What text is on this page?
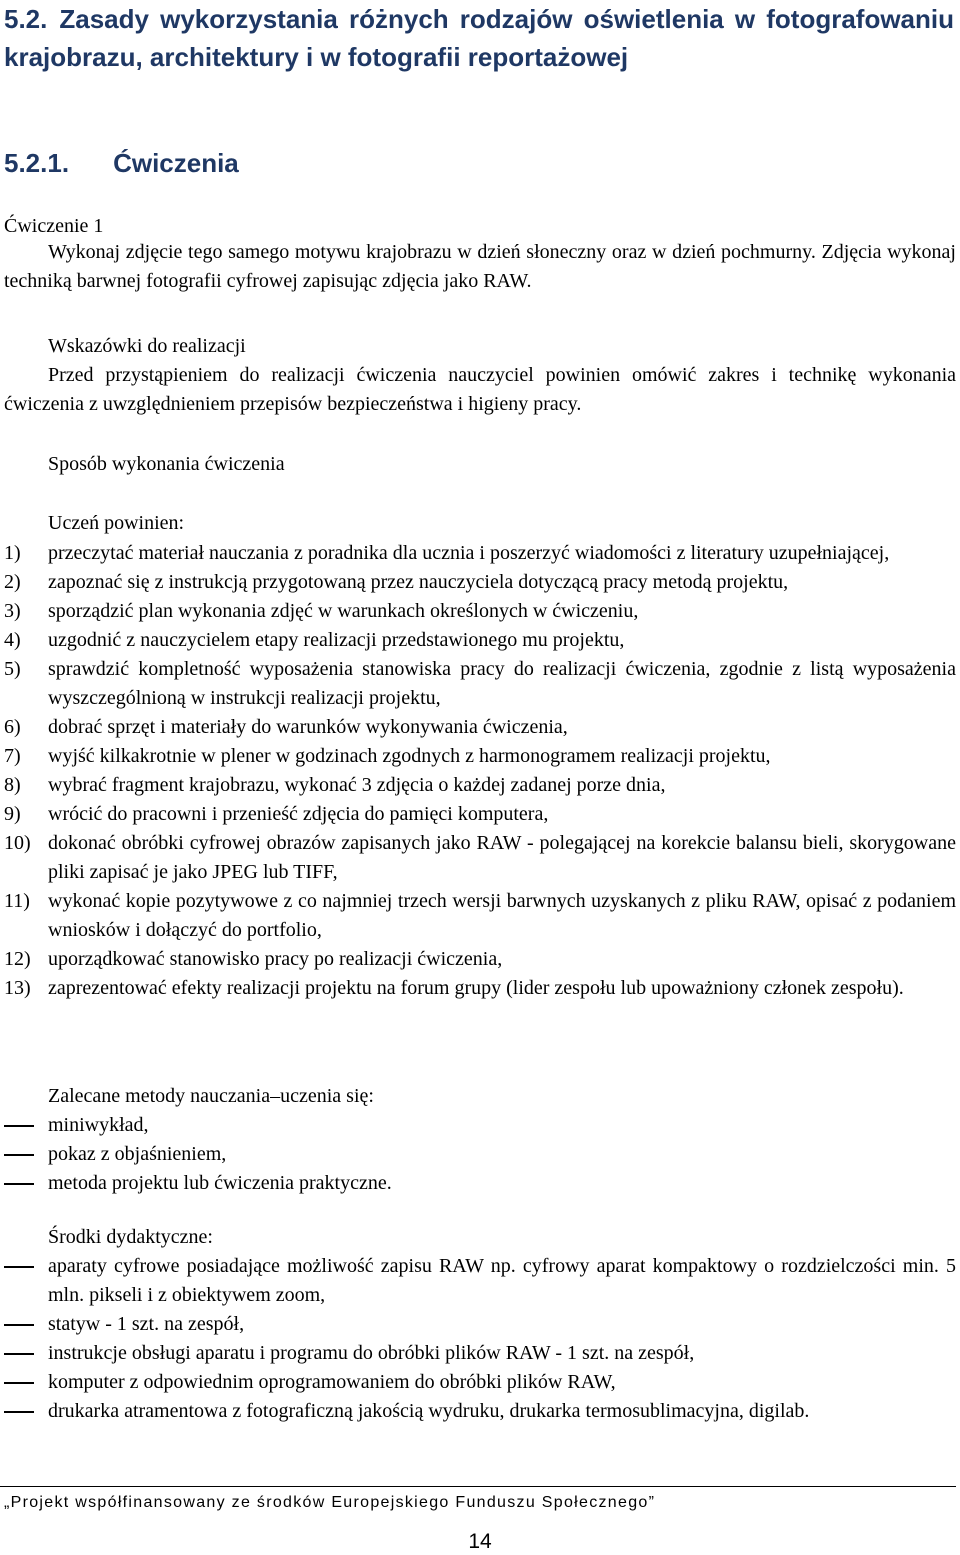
5.2. Zasady wykorzystania różnych rodzajów oświetlenia w fotografowaniu krajobrazu, architektury i w fotografii reportażowej
5.2.1. Ćwiczenia
Ćwiczenie 1

Wykonaj zdjęcie tego samego motywu krajobrazu w dzień słoneczny oraz w dzień pochmurny. Zdjęcia wykonaj techniką barwnej fotografii cyfrowej zapisując zdjęcia jako RAW.

Wskazówki do realizacji

Przed przystąpieniem do realizacji ćwiczenia nauczyciel powinien omówić zakres i technikę wykonania ćwiczenia z uwzględnieniem przepisów bezpieczeństwa i higieny pracy.

Sposób wykonania ćwiczenia
Uczeń powinien:
1) przeczytać materiał nauczania z poradnika dla ucznia i poszerzyć wiadomości z literatury uzupełniającej,
2) zapoznać się z instrukcją przygotowaną przez nauczyciela dotyczącą pracy metodą projektu,
3) sporządzić plan wykonania zdjęć w warunkach określonych w ćwiczeniu,
4) uzgodnić z nauczycielem etapy realizacji przedstawionego mu projektu,
5) sprawdzić kompletność wyposażenia stanowiska pracy do realizacji ćwiczenia, zgodnie z listą wyposażenia wyszczególnioną w instrukcji realizacji projektu,
6) dobrać sprzęt i materiały do warunków wykonywania ćwiczenia,
7) wyjść kilkakrotnie w plener w godzinach zgodnych z harmonogramem realizacji projektu,
8) wybrać fragment krajobrazu, wykonać 3 zdjęcia o każdej zadanej porze dnia,
9) wrócić do pracowni i przenieść zdjęcia do pamięci komputera,
10) dokonać obróbki cyfrowej obrazów zapisanych jako RAW - polegającej na korekcie balansu bieli, skorygowane pliki zapisać je jako JPEG lub TIFF,
11) wykonać kopie pozytywowe z co najmniej trzech wersji barwnych uzyskanych z pliku RAW, opisać z podaniem wniosków i dołączyć do portfolio,
12) uporządkować stanowisko pracy po realizacji ćwiczenia,
13) zaprezentować efekty realizacji projektu na forum grupy (lider zespołu lub upoważniony członek zespołu).
Zalecane metody nauczania–uczenia się:
miniwykład,
pokaz z objaśnieniem,
metoda projektu lub ćwiczenia praktyczne.
Środki dydaktyczne:
aparaty cyfrowe posiadające możliwość zapisu RAW np. cyfrowy aparat kompaktowy o rozdzielczości min. 5 mln. pikseli i z obiektywem zoom,
statyw - 1 szt. na zespół,
instrukcje obsługi aparatu i programu do obróbki plików RAW - 1 szt. na zespół,
komputer z odpowiednim oprogramowaniem do obróbki plików RAW,
drukarka atramentowa z fotograficzną jakością wydruku, drukarka termosublimacyjna, digilab.
„Projekt współfinansowany ze środków Europejskiego Funduszu Społecznego”
14
